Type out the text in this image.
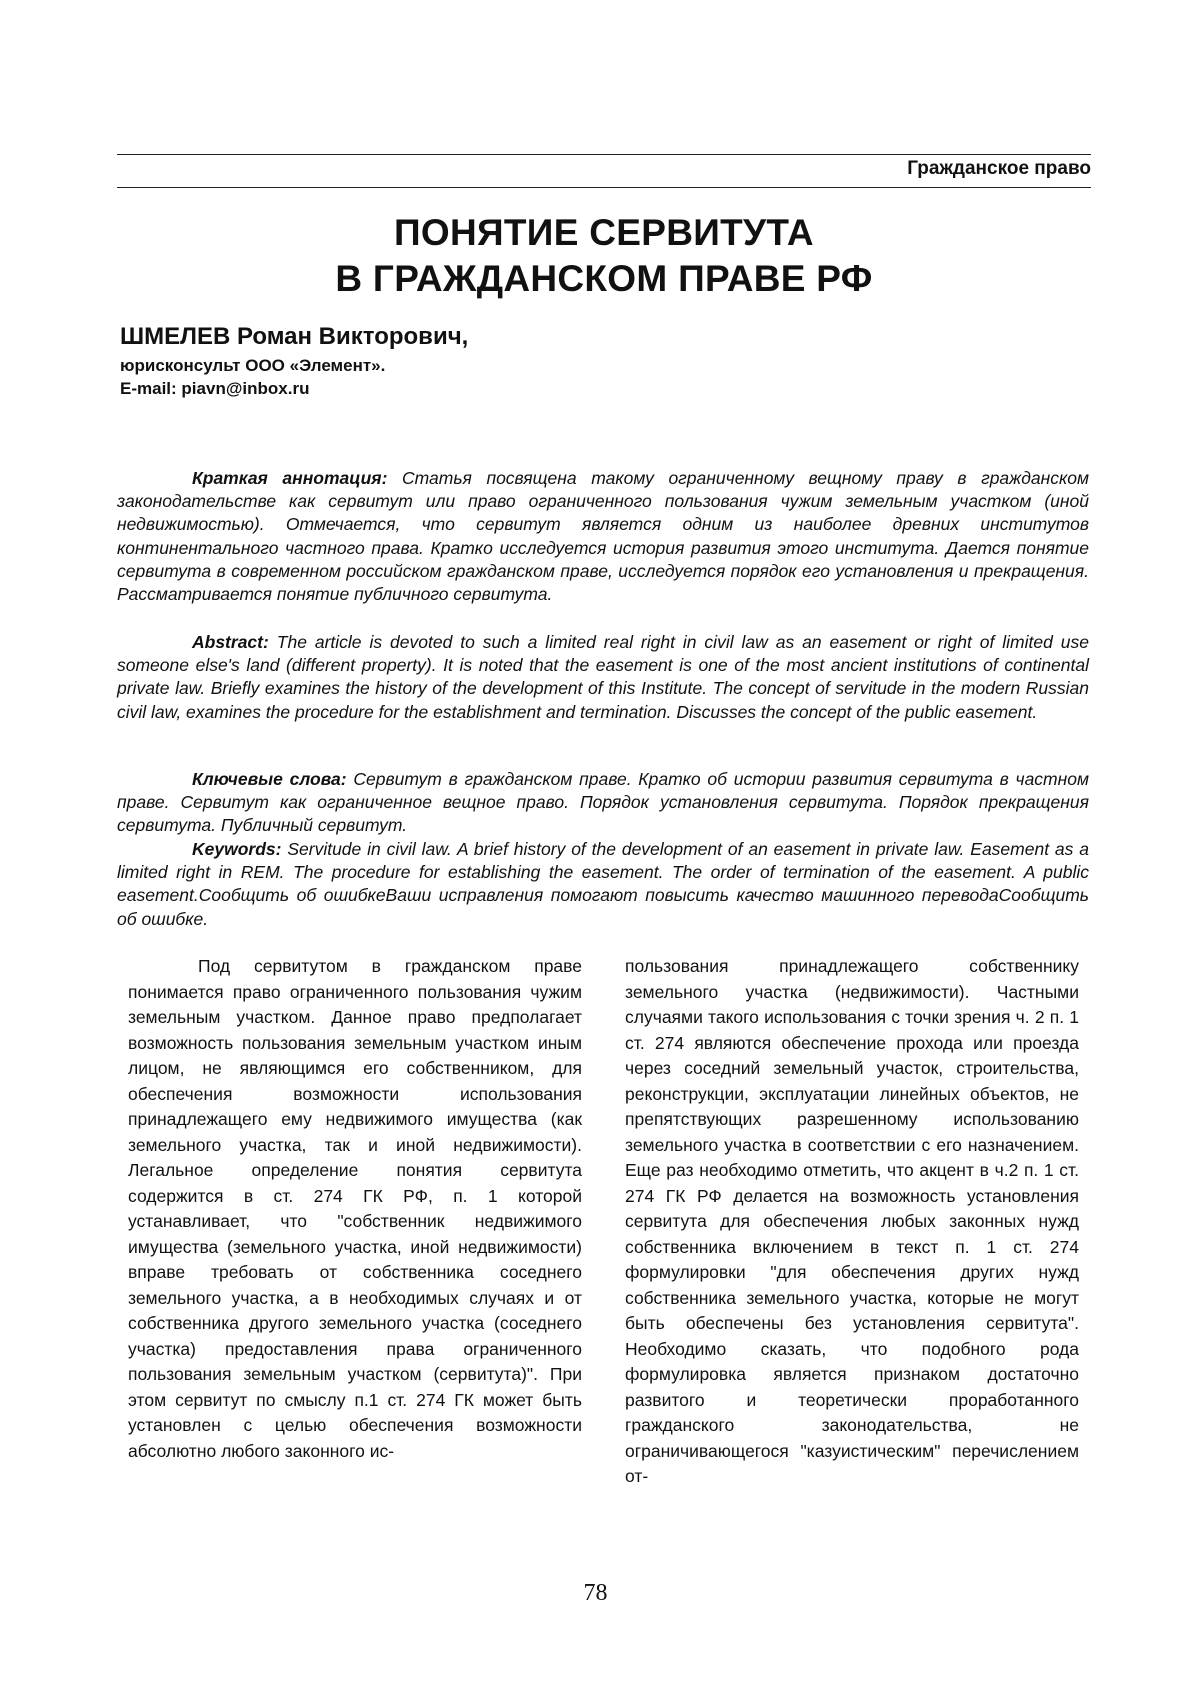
Гражданское право
ПОНЯТИЕ СЕРВИТУТА
В ГРАЖДАНСКОМ ПРАВЕ РФ
ШМЕЛЕВ Роман Викторович,
юрисконсульт ООО «Элемент».
E-mail: piavn@inbox.ru

Краткая аннотация: Статья посвящена такому ограниченному вещному праву в гражданском законодательстве как сервитут или право ограниченного пользования чужим земельным участком (иной недвижимостью). Отмечается, что сервитут является одним из наиболее древних институтов континентального частного права. Кратко исследуется история развития этого института. Дается понятие сервитута в современном российском гражданском праве, исследуется порядок его установления и прекращения. Рассматривается понятие публичного сервитута.

Abstract: The article is devoted to such a limited real right in civil law as an easement or right of limited use someone else's land (different property). It is noted that the easement is one of the most ancient institutions of continental private law. Briefly examines the history of the development of this Institute. The concept of servitude in the modern Russian civil law, examines the procedure for the establishment and termination. Discusses the concept of the public easement.

Ключевые слова: Сервитут в гражданском праве. Кратко об истории развития сервитута в частном праве. Сервитут как ограниченное вещное право. Порядок установления сервитута. Порядок прекращения сервитута. Публичный сервитут.

Keywords: Servitude in civil law. A brief history of the development of an easement in private law. Easement as a limited right in REM. The procedure for establishing the easement. The order of termination of the easement. A public easement.Сообщить об ошибкеВаши исправления помогают повысить качество машинного переводаСообщить об ошибке.

Под сервитутом в гражданском праве понимается право ограниченного пользования чужим земельным участком. Данное право предполагает возможность пользования земельным участком иным лицом, не являющимся его собственником, для обеспечения возможности использования принадлежащего ему недвижимого имущества (как земельного участка, так и иной недвижимости). Легальное определение понятия сервитута содержится в ст. 274 ГК РФ, п. 1 которой устанавливает, что "собственник недвижимого имущества (земельного участка, иной недвижимости) вправе требовать от собственника соседнего земельного участка, а в необходимых случаях и от собственника другого земельного участка (соседнего участка) предоставления права ограниченного пользования земельным участком (сервитута)". При этом сервитут по смыслу п.1 ст. 274 ГК может быть установлен с целью обеспечения возможности абсолютно любого законного ис-

пользования принадлежащего собственнику земельного участка (недвижимости). Частными случаями такого использования с точки зрения ч. 2 п. 1 ст. 274 являются обеспечение прохода или проезда через соседний земельный участок, строительства, реконструкции, эксплуатации линейных объектов, не препятствующих разрешенному использованию земельного участка в соответствии с его назначением. Еще раз необходимо отметить, что акцент в ч.2 п. 1 ст. 274 ГК РФ делается на возможность установления сервитута для обеспечения любых законных нужд собственника включением в текст п. 1 ст. 274 формулировки "для обеспечения других нужд собственника земельного участка, которые не могут быть обеспечены без установления сервитута". Необходимо сказать, что подобного рода формулировка является признаком достаточно развитого и теоретически проработанного гражданского законодательства, не ограничивающегося "казуистическим" перечислением от-

78
